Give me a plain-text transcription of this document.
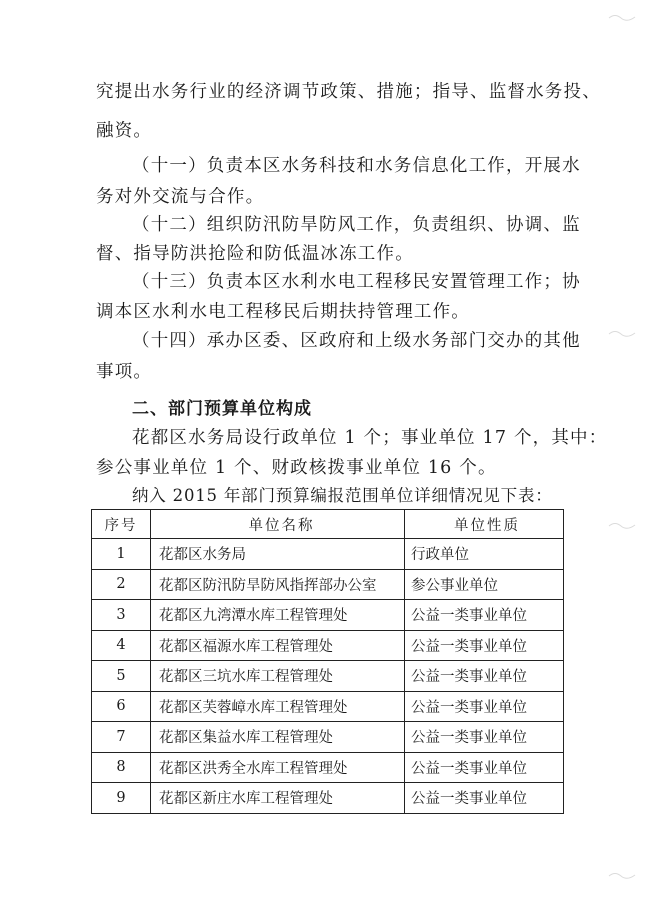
究提出水务行业的经济调节政策、措施；指导、监督水务投、
融资。
（十一）负责本区水务科技和水务信息化工作，开展水
务对外交流与合作。
（十二）组织防汛防旱防风工作，负责组织、协调、监
督、指导防洪抢险和防低温冰冻工作。
（十三）负责本区水利水电工程移民安置管理工作；协
调本区水利水电工程移民后期扶持管理工作。
（十四）承办区委、区政府和上级水务部门交办的其他
事项。
二、部门预算单位构成
花都区水务局设行政单位 1 个；事业单位 17 个，其中：
参公事业单位 1 个、财政核拨事业单位 16 个。
纳入 2015 年部门预算编报范围单位详细情况见下表：
序号	单位名称	单位性质
1	花都区水务局	行政单位
2	花都区防汛防旱防风指挥部办公室	参公事业单位
3	花都区九湾潭水库工程管理处	公益一类事业单位
4	花都区福源水库工程管理处	公益一类事业单位
5	花都区三坑水库工程管理处	公益一类事业单位
6	花都区芙蓉嶂水库工程管理处	公益一类事业单位
7	花都区集益水库工程管理处	公益一类事业单位
8	花都区洪秀全水库工程管理处	公益一类事业单位
9	花都区新庄水库工程管理处	公益一类事业单位
